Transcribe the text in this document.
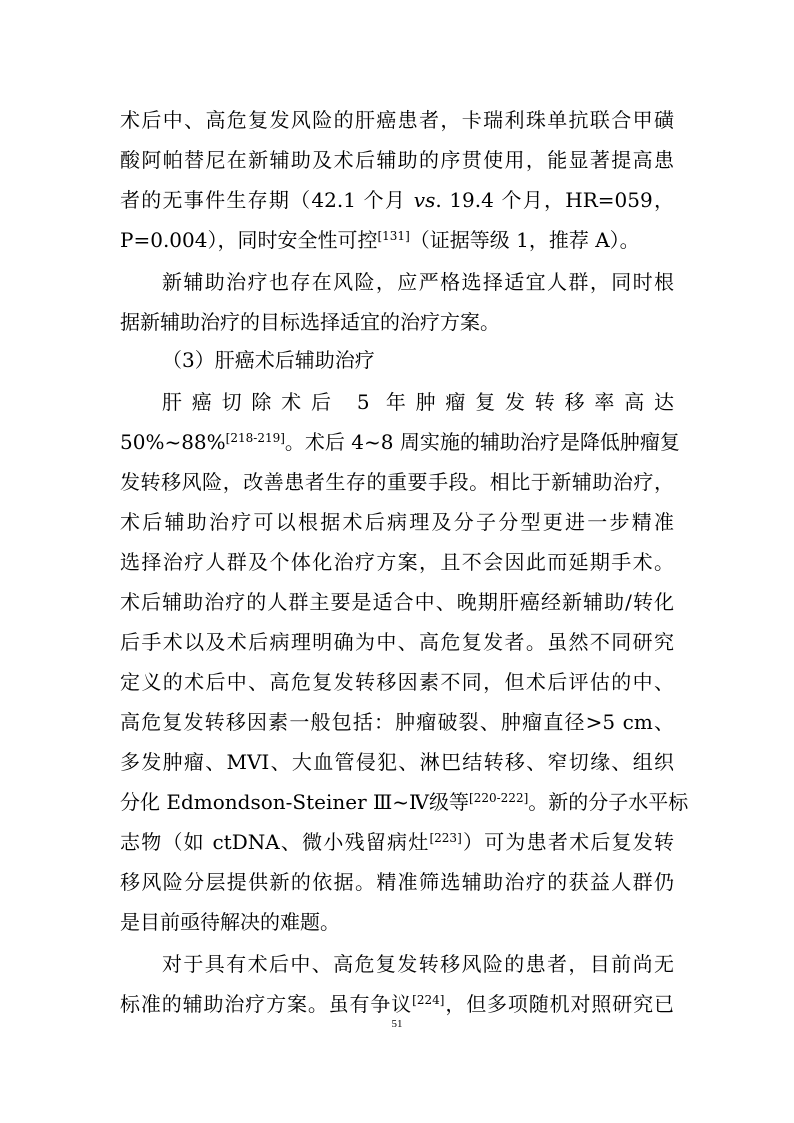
术后中、高危复发风险的肝癌患者，卡瑞利珠单抗联合甲磺
酸阿帕替尼在新辅助及术后辅助的序贯使用，能显著提高患
者的无事件生存期（42.1 个月 vs. 19.4 个月，HR=059，
P=0.004），同时安全性可控[131]（证据等级 1，推荐 A）。
新辅助治疗也存在风险，应严格选择适宜人群，同时根
据新辅助治疗的目标选择适宜的治疗方案。
（3）肝癌术后辅助治疗
肝癌切除术后 5 年肿瘤复发转移率高达
50%~88%[218-219]。术后 4~8 周实施的辅助治疗是降低肿瘤复
发转移风险，改善患者生存的重要手段。相比于新辅助治疗，
术后辅助治疗可以根据术后病理及分子分型更进一步精准
选择治疗人群及个体化治疗方案，且不会因此而延期手术。
术后辅助治疗的人群主要是适合中、晚期肝癌经新辅助/转化
后手术以及术后病理明确为中、高危复发者。虽然不同研究
定义的术后中、高危复发转移因素不同，但术后评估的中、
高危复发转移因素一般包括：肿瘤破裂、肿瘤直径>5 cm、
多发肿瘤、MVI、大血管侵犯、淋巴结转移、窄切缘、组织
分化 Edmondson-Steiner Ⅲ~Ⅳ级等[220-222]。新的分子水平标
志物（如 ctDNA、微小残留病灶[223]）可为患者术后复发转
移风险分层提供新的依据。精准筛选辅助治疗的获益人群仍
是目前亟待解决的难题。
对于具有术后中、高危复发转移风险的患者，目前尚无
标准的辅助治疗方案。虽有争议[224]，但多项随机对照研究已
51
